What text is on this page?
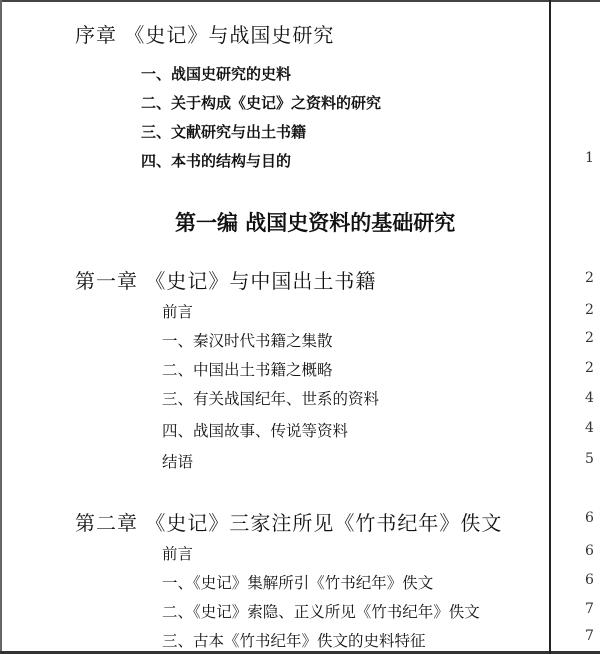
序章 《史记》与战国史研究
一、战国史研究的史料
二、关于构成《史记》之资料的研究
三、文献研究与出土书籍
四、本书的结构与目的
第一编 战国史资料的基础研究
第一章 《史记》与中国出土书籍
前言
一、秦汉时代书籍之集散
二、中国出土书籍之概略
三、有关战国纪年、世系的资料
四、战国故事、传说等资料
结语
第二章 《史记》三家注所见《竹书纪年》佚文
前言
一、《史记》集解所引《竹书纪年》佚文
二、《史记》索隐、正义所见《竹书纪年》佚文
三、古本《竹书纪年》佚文的史料特征
1
2
2
2
2
4
4
5
6
6
6
7
7
